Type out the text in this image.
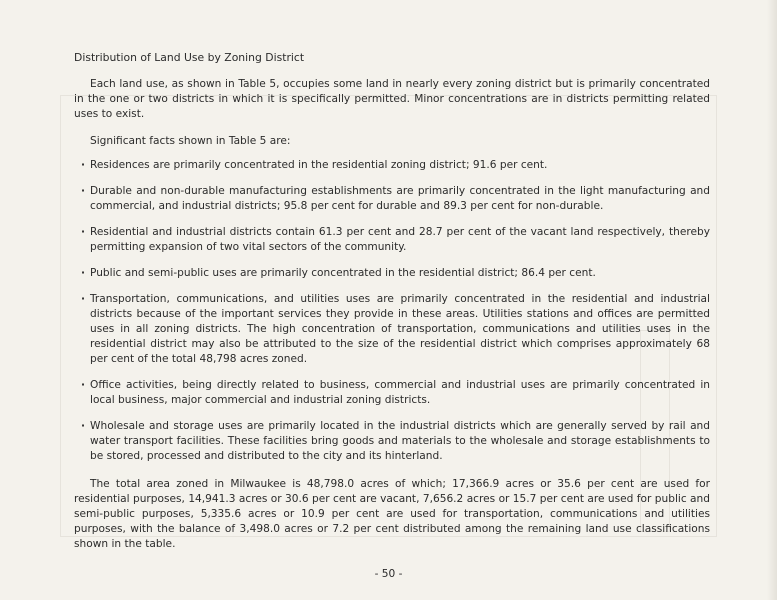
Distribution of Land Use by Zoning District

Each land use, as shown in Table 5, occupies some land in nearly every zoning district but is primarily concentrated in the one or two districts in which it is specifically permitted. Minor concentrations are in districts permitting related uses to exist.

Significant facts shown in Table 5 are:

· Residences are primarily concentrated in the residential zoning district; 91.6 per cent.
· Durable and non-durable manufacturing establishments are primarily concentrated in the light manufacturing and commercial, and industrial districts; 95.8 per cent for durable and 89.3 per cent for non-durable.
· Residential and industrial districts contain 61.3 per cent and 28.7 per cent of the vacant land respectively, thereby permitting expansion of two vital sectors of the community.
· Public and semi-public uses are primarily concentrated in the residential district; 86.4 per cent.
· Transportation, communications, and utilities uses are primarily concentrated in the residential and industrial districts because of the important services they provide in these areas. Utilities stations and offices are permitted uses in all zoning districts. The high concentration of transportation, communications and utilities uses in the residential district may also be attributed to the size of the residential district which comprises approximately 68 per cent of the total 48,798 acres zoned.
· Office activities, being directly related to business, commercial and industrial uses are primarily concentrated in local business, major commercial and industrial zoning districts.
· Wholesale and storage uses are primarily located in the industrial districts which are generally served by rail and water transport facilities. These facilities bring goods and materials to the wholesale and storage establishments to be stored, processed and distributed to the city and its hinterland.

The total area zoned in Milwaukee is 48,798.0 acres of which; 17,366.9 acres or 35.6 per cent are used for residential purposes, 14,941.3 acres or 30.6 per cent are vacant, 7,656.2 acres or 15.7 per cent are used for public and semi-public purposes, 5,335.6 acres or 10.9 per cent are used for transportation, communications and utilities purposes, with the balance of 3,498.0 acres or 7.2 per cent distributed among the remaining land use classifications shown in the table.

- 50 -
